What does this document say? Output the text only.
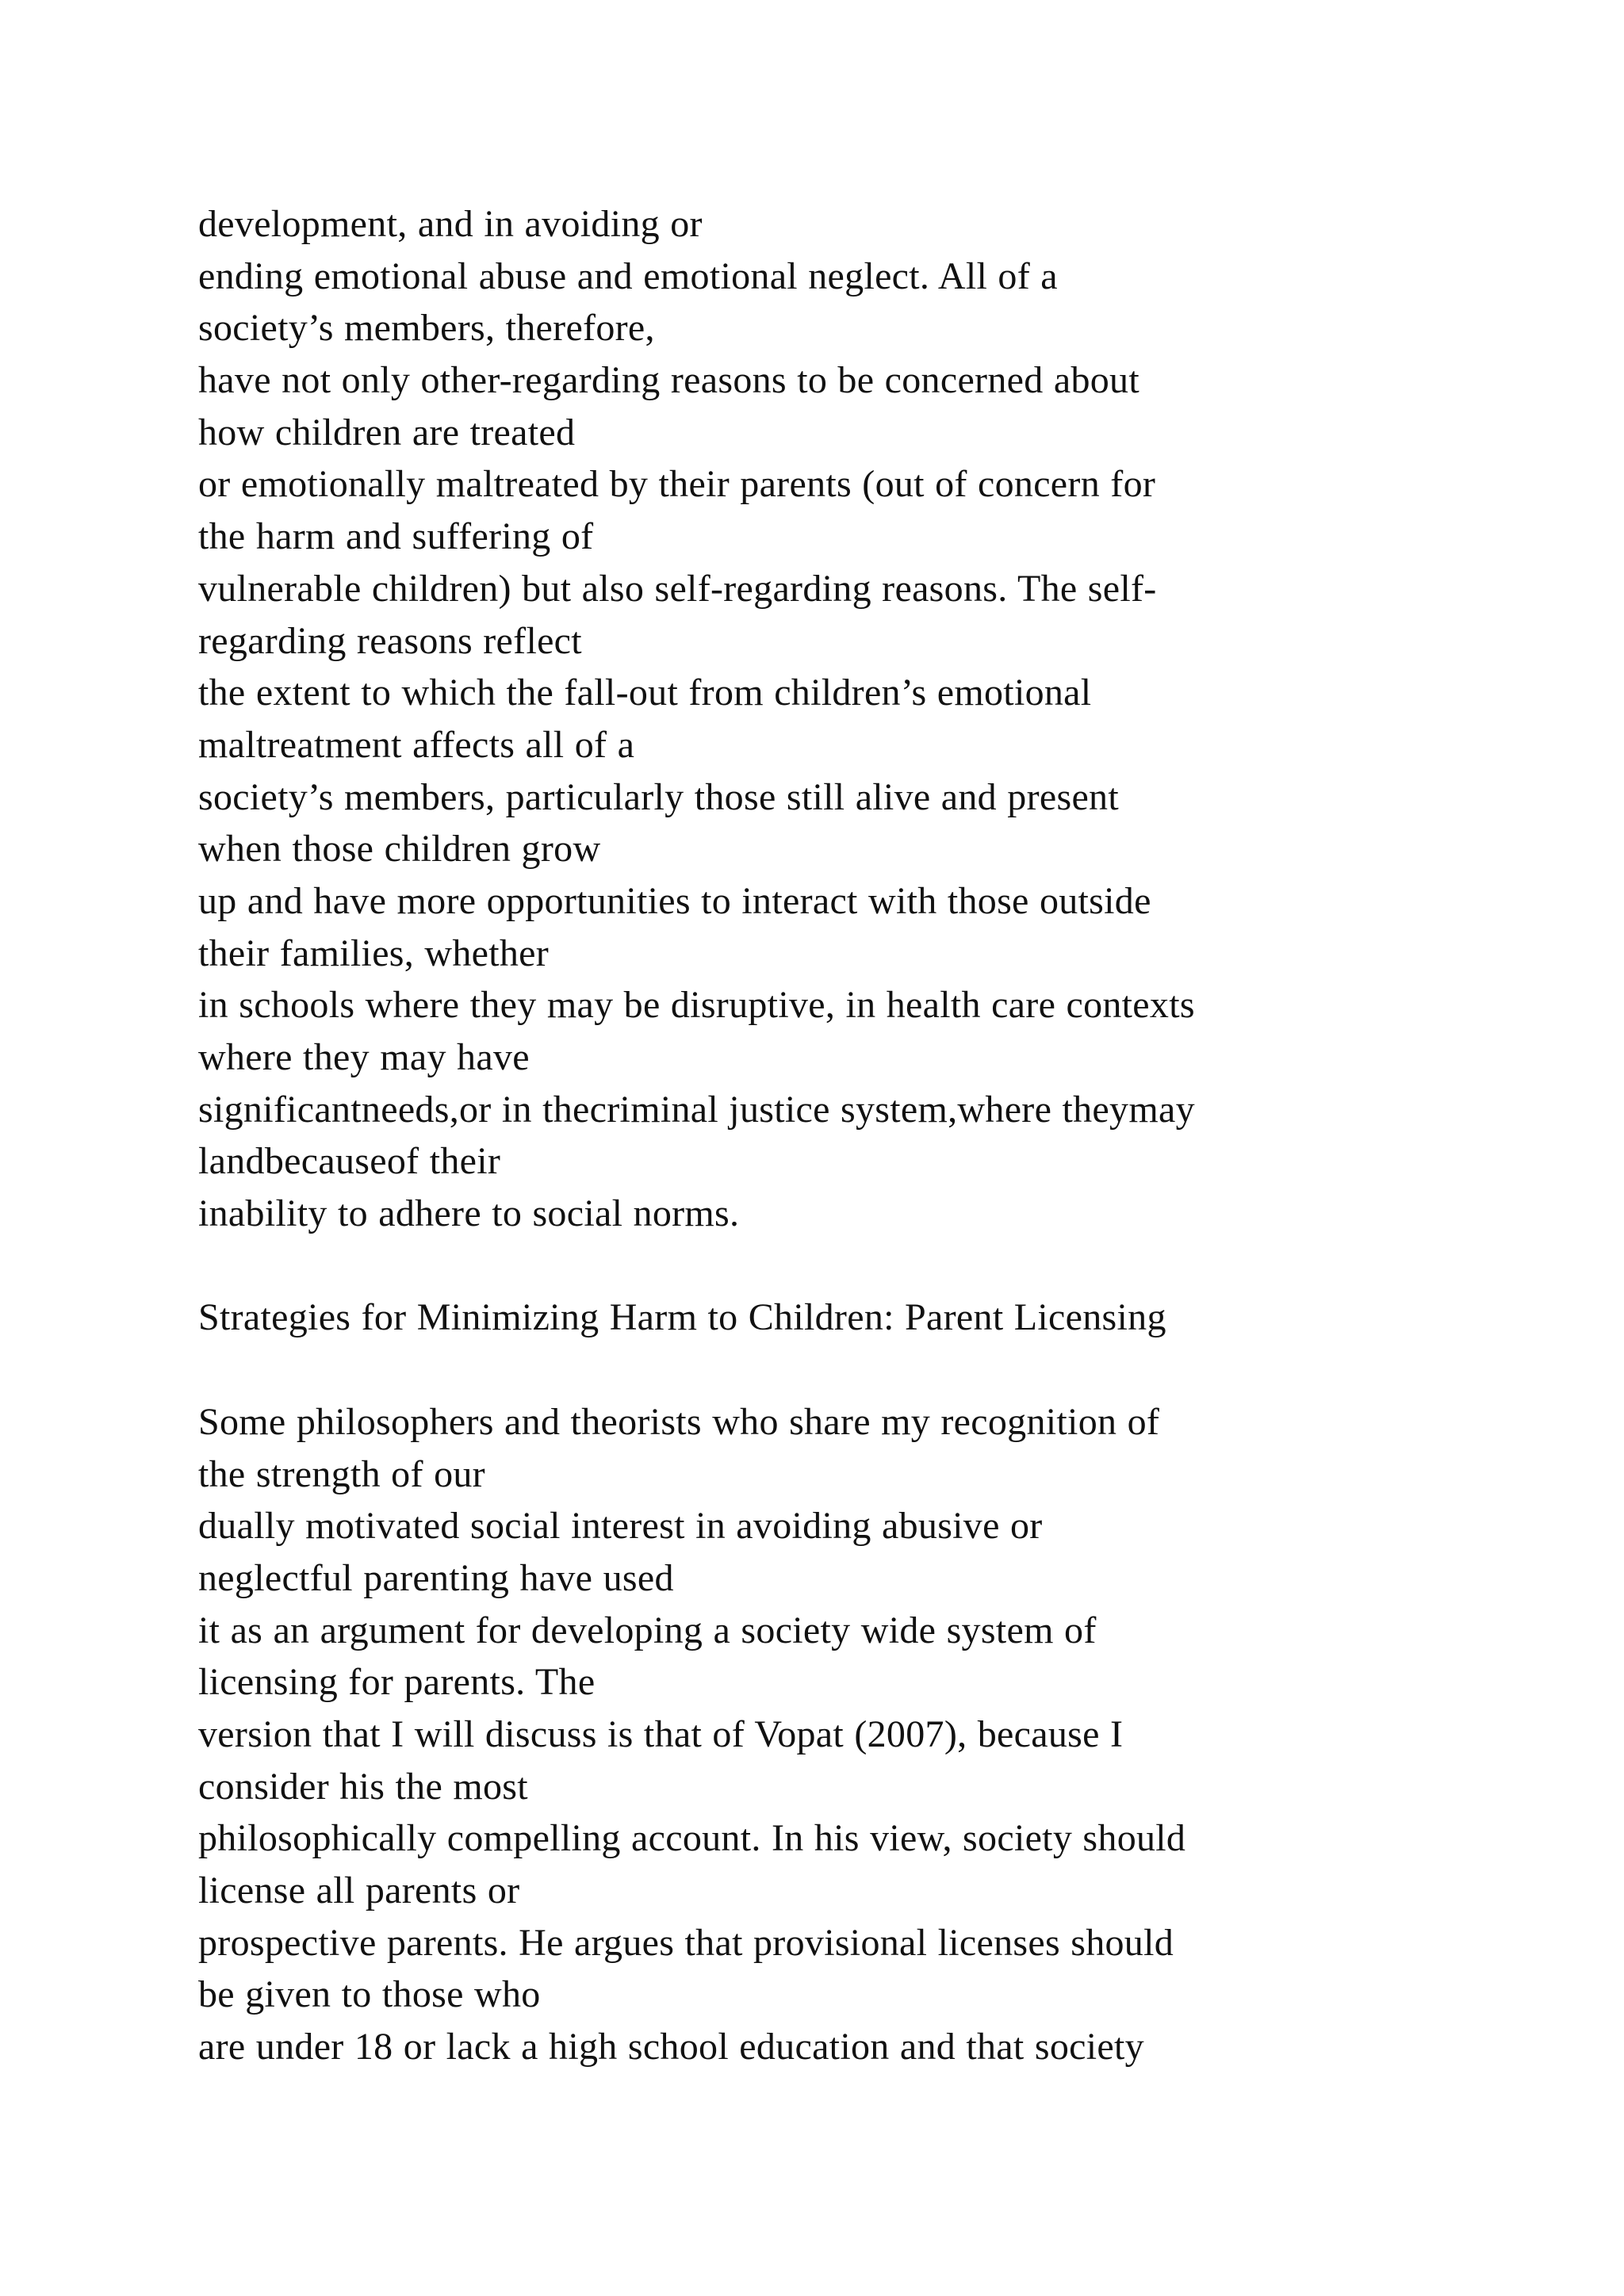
development, and in avoiding or
ending emotional abuse and emotional neglect. All of a
society’s members, therefore,
have not only other-regarding reasons to be concerned about
how children are treated
or emotionally maltreated by their parents (out of concern for
the harm and suffering of
vulnerable children) but also self-regarding reasons. The self-
regarding reasons reflect
the extent to which the fall-out from children’s emotional
maltreatment affects all of a
society’s members, particularly those still alive and present
when those children grow
up and have more opportunities to interact with those outside
their families, whether
in schools where they may be disruptive, in health care contexts
where they may have
significantneeds,or in thecriminal justice system,where theymay
landbecauseof their
inability to adhere to social norms.
Strategies for Minimizing Harm to Children: Parent Licensing
Some philosophers and theorists who share my recognition of
the strength of our
dually motivated social interest in avoiding abusive or
neglectful parenting have used
it as an argument for developing a society wide system of
licensing for parents. The
version that I will discuss is that of Vopat (2007), because I
consider his the most
philosophically compelling account. In his view, society should
license all parents or
prospective parents. He argues that provisional licenses should
be given to those who
are under 18 or lack a high school education and that society
